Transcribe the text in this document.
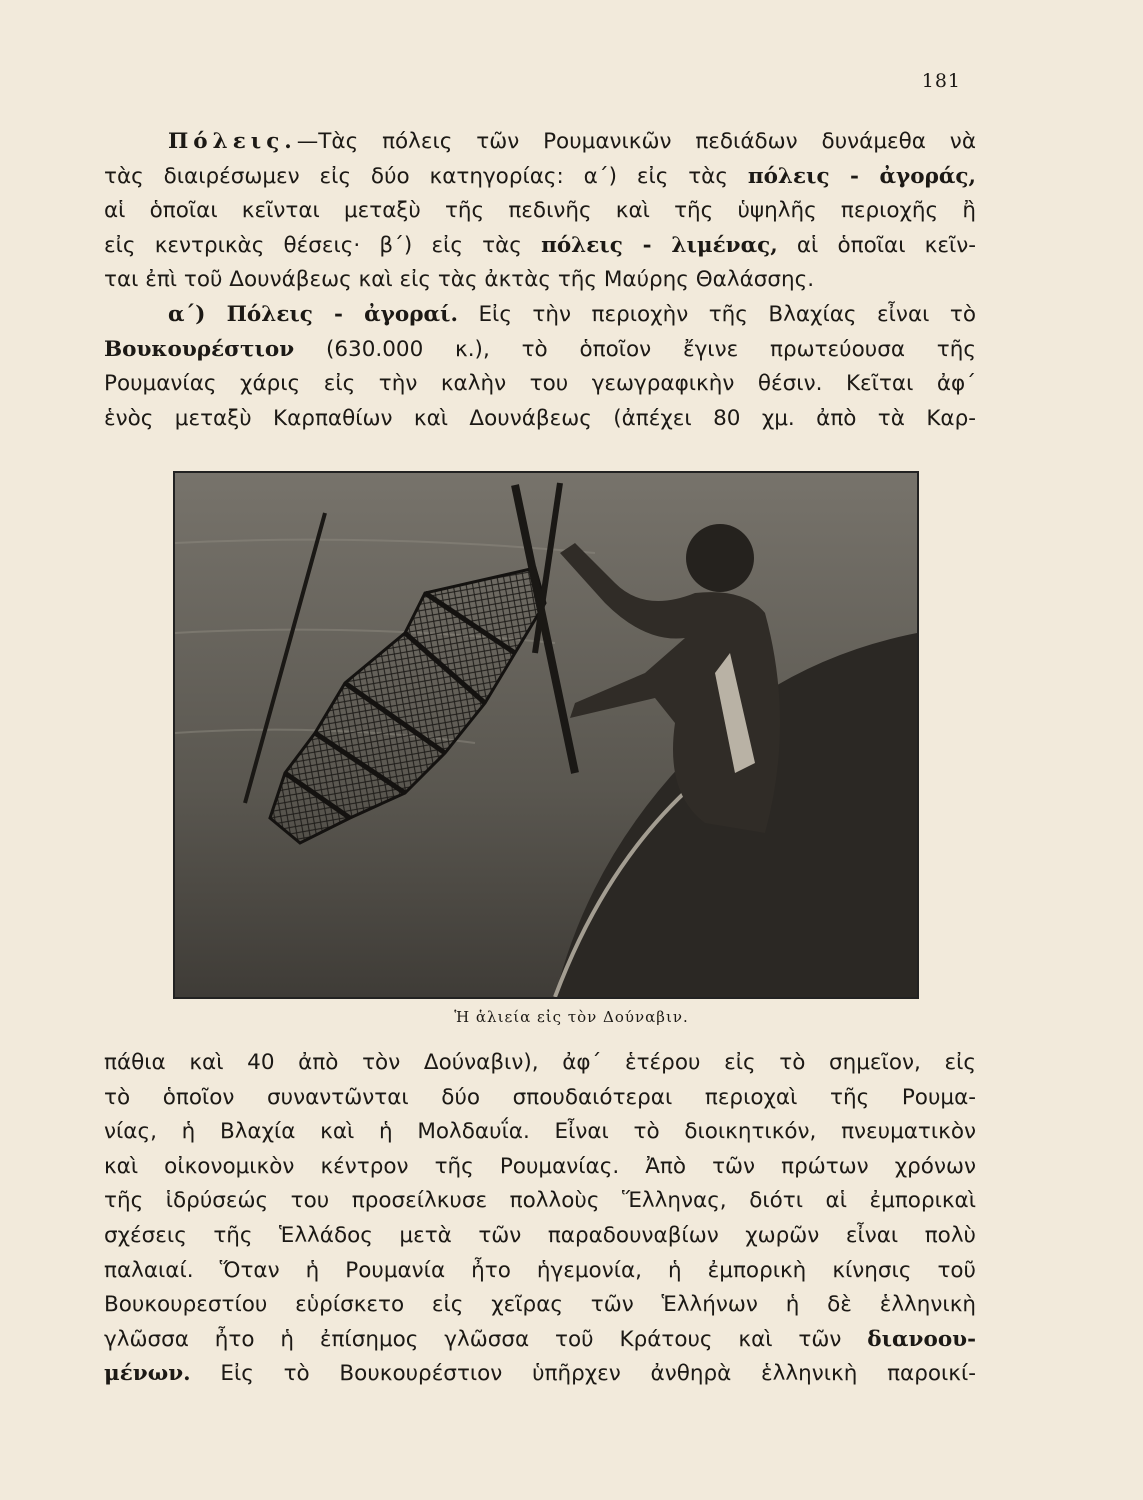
181
Πόλεις.—Τὰς πόλεις τῶν Ρουμανικῶν πεδιάδων δυνάμεθα νὰ
τὰς διαιρέσωμεν εἰς δύο κατηγορίας: α΄) εἰς τὰς πόλεις - ἀγοράς,
αἱ ὁποῖαι κεῖνται μεταξὺ τῆς πεδινῆς καὶ τῆς ὑψηλῆς περιοχῆς ἢ
εἰς κεντρικὰς θέσεις· β΄) εἰς τὰς πόλεις - λιμένας, αἱ ὁποῖαι κεῖν-
ται ἐπὶ τοῦ Δουνάβεως καὶ εἰς τὰς ἀκτὰς τῆς Μαύρης Θαλάσσης.
α΄) Πόλεις - ἀγοραί. Εἰς τὴν περιοχὴν τῆς Βλαχίας εἶναι τὸ
Βουκουρέστιον (630.000 κ.), τὸ ὁποῖον ἔγινε πρωτεύουσα τῆς
Ρουμανίας χάρις εἰς τὴν καλὴν του γεωγραφικὴν θέσιν. Κεῖται ἀφ΄
ἑνὸς μεταξὺ Καρπαθίων καὶ Δουνάβεως (ἀπέχει 80 χμ. ἀπὸ τὰ Καρ-
Ἡ ἁλιεία εἰς τὸν Δούναβιν.
πάθια καὶ 40 ἀπὸ τὸν Δούναβιν), ἀφ΄ ἑτέρου εἰς τὸ σημεῖον, εἰς
τὸ ὁποῖον συναντῶνται δύο σπουδαιότεραι περιοχαὶ τῆς Ρουμα-
νίας, ἡ Βλαχία καὶ ἡ Μολδαυΐα. Εἶναι τὸ διοικητικόν, πνευματικὸν
καὶ οἰκονομικὸν κέντρον τῆς Ρουμανίας. Ἀπὸ τῶν πρώτων χρόνων
τῆς ἱδρύσεώς του προσείλκυσε πολλοὺς Ἕλληνας, διότι αἱ ἐμπορικαὶ
σχέσεις τῆς Ἑλλάδος μετὰ τῶν παραδουναβίων χωρῶν εἶναι πολὺ
παλαιαί. Ὅταν ἡ Ρουμανία ἦτο ἡγεμονία, ἡ ἐμπορικὴ κίνησις τοῦ
Βουκουρεστίου εὑρίσκετο εἰς χεῖρας τῶν Ἑλλήνων ἡ δὲ ἑλληνικὴ
γλῶσσα ἦτο ἡ ἐπίσημος γλῶσσα τοῦ Κράτους καὶ τῶν διανοου-
μένων. Εἰς τὸ Βουκουρέστιον ὑπῆρχεν ἀνθηρὰ ἑλληνικὴ παροικί-
